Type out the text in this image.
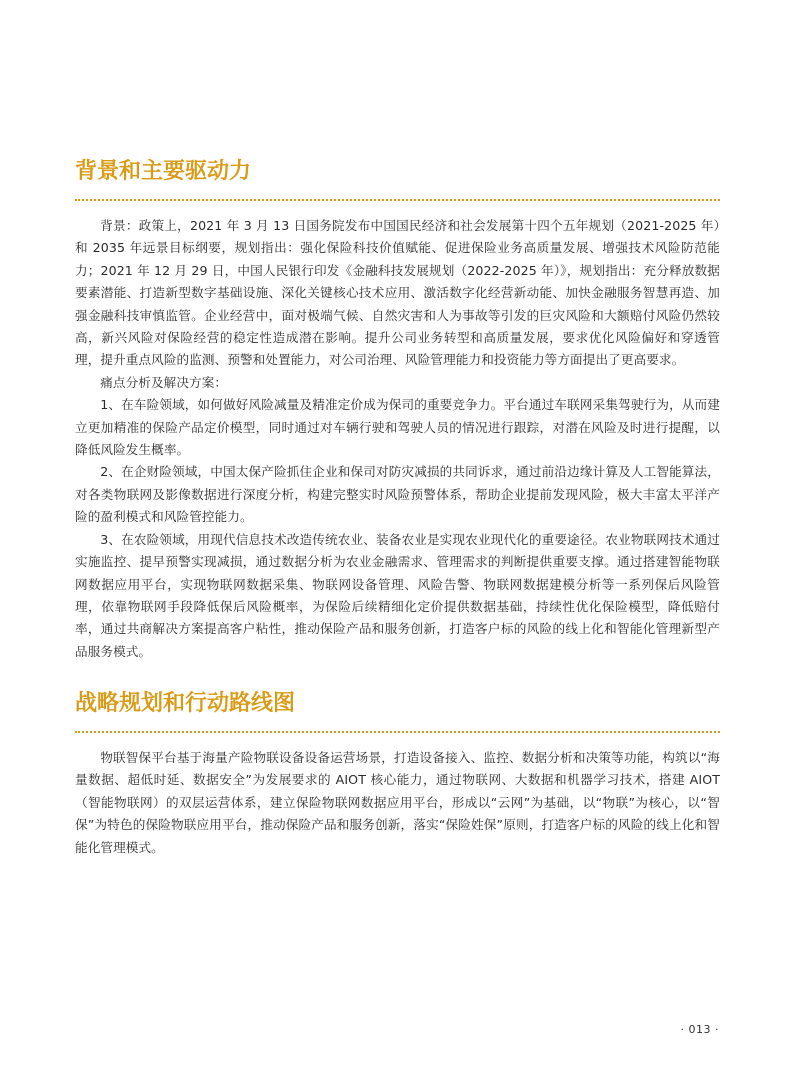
背景和主要驱动力

背景：政策上，2021 年 3 月 13 日国务院发布中国国民经济和社会发展第十四个五年规划（2021-2025 年）和 2035 年远景目标纲要，规划指出：强化保险科技价值赋能、促进保险业务高质量发展、增强技术风险防范能力；2021 年 12 月 29 日，中国人民银行印发《金融科技发展规划（2022-2025 年）》，规划指出：充分释放数据要素潜能、打造新型数字基础设施、深化关键核心技术应用、激活数字化经营新动能、加快金融服务智慧再造、加强金融科技审慎监管。企业经营中，面对极端气候、自然灾害和人为事故等引发的巨灾风险和大额赔付风险仍然较高，新兴风险对保险经营的稳定性造成潜在影响。提升公司业务转型和高质量发展，要求优化风险偏好和穿透管理，提升重点风险的监测、预警和处置能力，对公司治理、风险管理能力和投资能力等方面提出了更高要求。

痛点分析及解决方案：

1、在车险领域，如何做好风险减量及精准定价成为保司的重要竞争力。平台通过车联网采集驾驶行为，从而建立更加精准的保险产品定价模型，同时通过对车辆行驶和驾驶人员的情况进行跟踪，对潜在风险及时进行提醒，以降低风险发生概率。

2、在企财险领域，中国太保产险抓住企业和保司对防灾减损的共同诉求，通过前沿边缘计算及人工智能算法，对各类物联网及影像数据进行深度分析，构建完整实时风险预警体系，帮助企业提前发现风险，极大丰富太平洋产险的盈利模式和风险管控能力。

3、在农险领域，用现代信息技术改造传统农业、装备农业是实现农业现代化的重要途径。农业物联网技术通过实施监控、提早预警实现减损，通过数据分析为农业金融需求、管理需求的判断提供重要支撑。通过搭建智能物联网数据应用平台，实现物联网数据采集、物联网设备管理、风险告警、物联网数据建模分析等一系列保后风险管理，依靠物联网手段降低保后风险概率，为保险后续精细化定价提供数据基础，持续性优化保险模型，降低赔付率，通过共商解决方案提高客户粘性，推动保险产品和服务创新，打造客户标的风险的线上化和智能化管理新型产品服务模式。

战略规划和行动路线图

物联智保平台基于海量产险物联设备设备运营场景，打造设备接入、监控、数据分析和决策等功能，构筑以“海量数据、超低时延、数据安全”为发展要求的 AIOT 核心能力，通过物联网、大数据和机器学习技术，搭建 AIOT（智能物联网）的双层运营体系，建立保险物联网数据应用平台，形成以“云网”为基础，以“物联”为核心，以“智保”为特色的保险物联应用平台，推动保险产品和服务创新，落实“保险姓保”原则，打造客户标的风险的线上化和智能化管理模式。

· 013 ·
